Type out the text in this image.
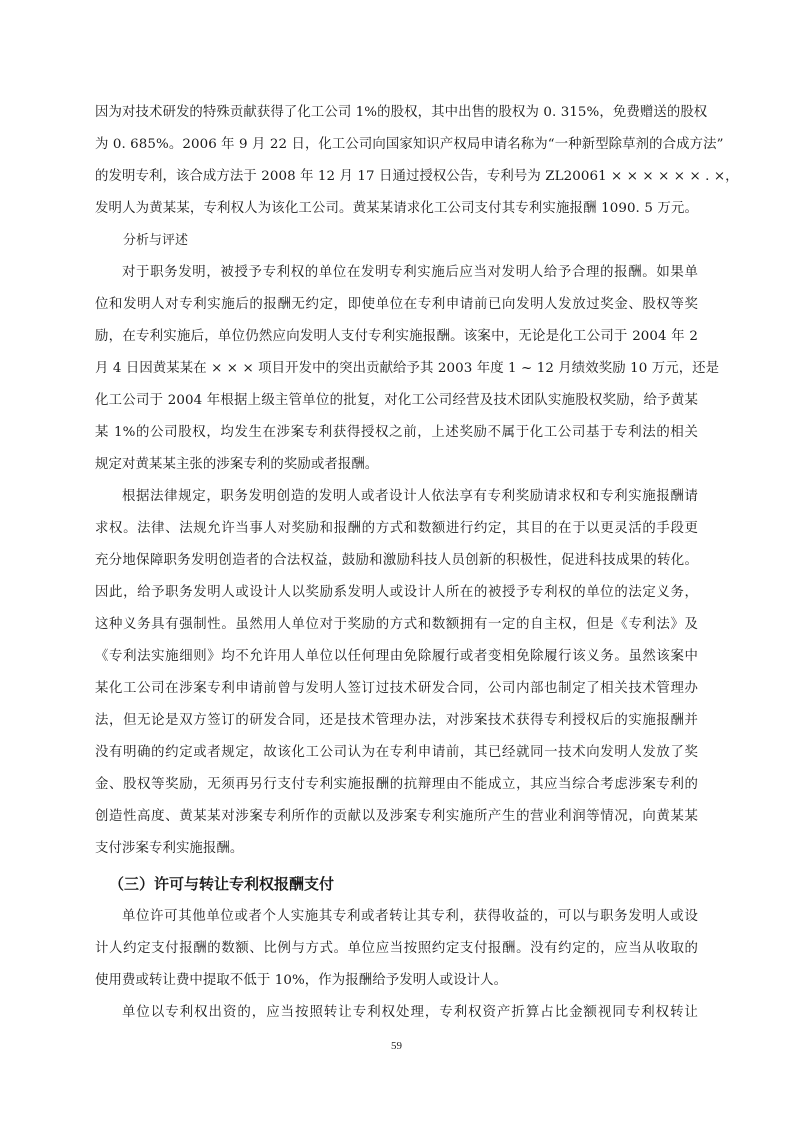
因为对技术研发的特殊贡献获得了化工公司 1%的股权，其中出售的股权为 0. 315%，免费赠送的股权
为 0. 685%。2006 年 9 月 22 日，化工公司向国家知识产权局申请名称为“一种新型除草剂的合成方法”
的发明专利，该合成方法于 2008 年 12 月 17 日通过授权公告，专利号为 ZL20061 × × × × × × . ×，
发明人为黄某某，专利权人为该化工公司。黄某某请求化工公司支付其专利实施报酬 1090. 5 万元。
分析与评述
对于职务发明，被授予专利权的单位在发明专利实施后应当对发明人给予合理的报酬。如果单
位和发明人对专利实施后的报酬无约定，即使单位在专利申请前已向发明人发放过奖金、股权等奖
励，在专利实施后，单位仍然应向发明人支付专利实施报酬。该案中，无论是化工公司于 2004 年 2
月 4 日因黄某某在 × × × 项目开发中的突出贡献给予其 2003 年度 1 ~ 12 月绩效奖励 10 万元，还是
化工公司于 2004 年根据上级主管单位的批复，对化工公司经营及技术团队实施股权奖励，给予黄某
某 1%的公司股权，均发生在涉案专利获得授权之前，上述奖励不属于化工公司基于专利法的相关
规定对黄某某主张的涉案专利的奖励或者报酬。
根据法律规定，职务发明创造的发明人或者设计人依法享有专利奖励请求权和专利实施报酬请
求权。法律、法规允许当事人对奖励和报酬的方式和数额进行约定，其目的在于以更灵活的手段更
充分地保障职务发明创造者的合法权益，鼓励和激励科技人员创新的积极性，促进科技成果的转化。
因此，给予职务发明人或设计人以奖励系发明人或设计人所在的被授予专利权的单位的法定义务，
这种义务具有强制性。虽然用人单位对于奖励的方式和数额拥有一定的自主权，但是《专利法》及
《专利法实施细则》均不允许用人单位以任何理由免除履行或者变相免除履行该义务。虽然该案中
某化工公司在涉案专利申请前曾与发明人签订过技术研发合同，公司内部也制定了相关技术管理办
法，但无论是双方签订的研发合同，还是技术管理办法，对涉案技术获得专利授权后的实施报酬并
没有明确的约定或者规定，故该化工公司认为在专利申请前，其已经就同一技术向发明人发放了奖
金、股权等奖励，无须再另行支付专利实施报酬的抗辩理由不能成立，其应当综合考虑涉案专利的
创造性高度、黄某某对涉案专利所作的贡献以及涉案专利实施所产生的营业利润等情况，向黄某某
支付涉案专利实施报酬。
（三）许可与转让专利权报酬支付
单位许可其他单位或者个人实施其专利或者转让其专利，获得收益的，可以与职务发明人或设
计人约定支付报酬的数额、比例与方式。单位应当按照约定支付报酬。没有约定的，应当从收取的
使用费或转让费中提取不低于 10%，作为报酬给予发明人或设计人。
单位以专利权出资的，应当按照转让专利权处理，专利权资产折算占比金额视同专利权转让
59
